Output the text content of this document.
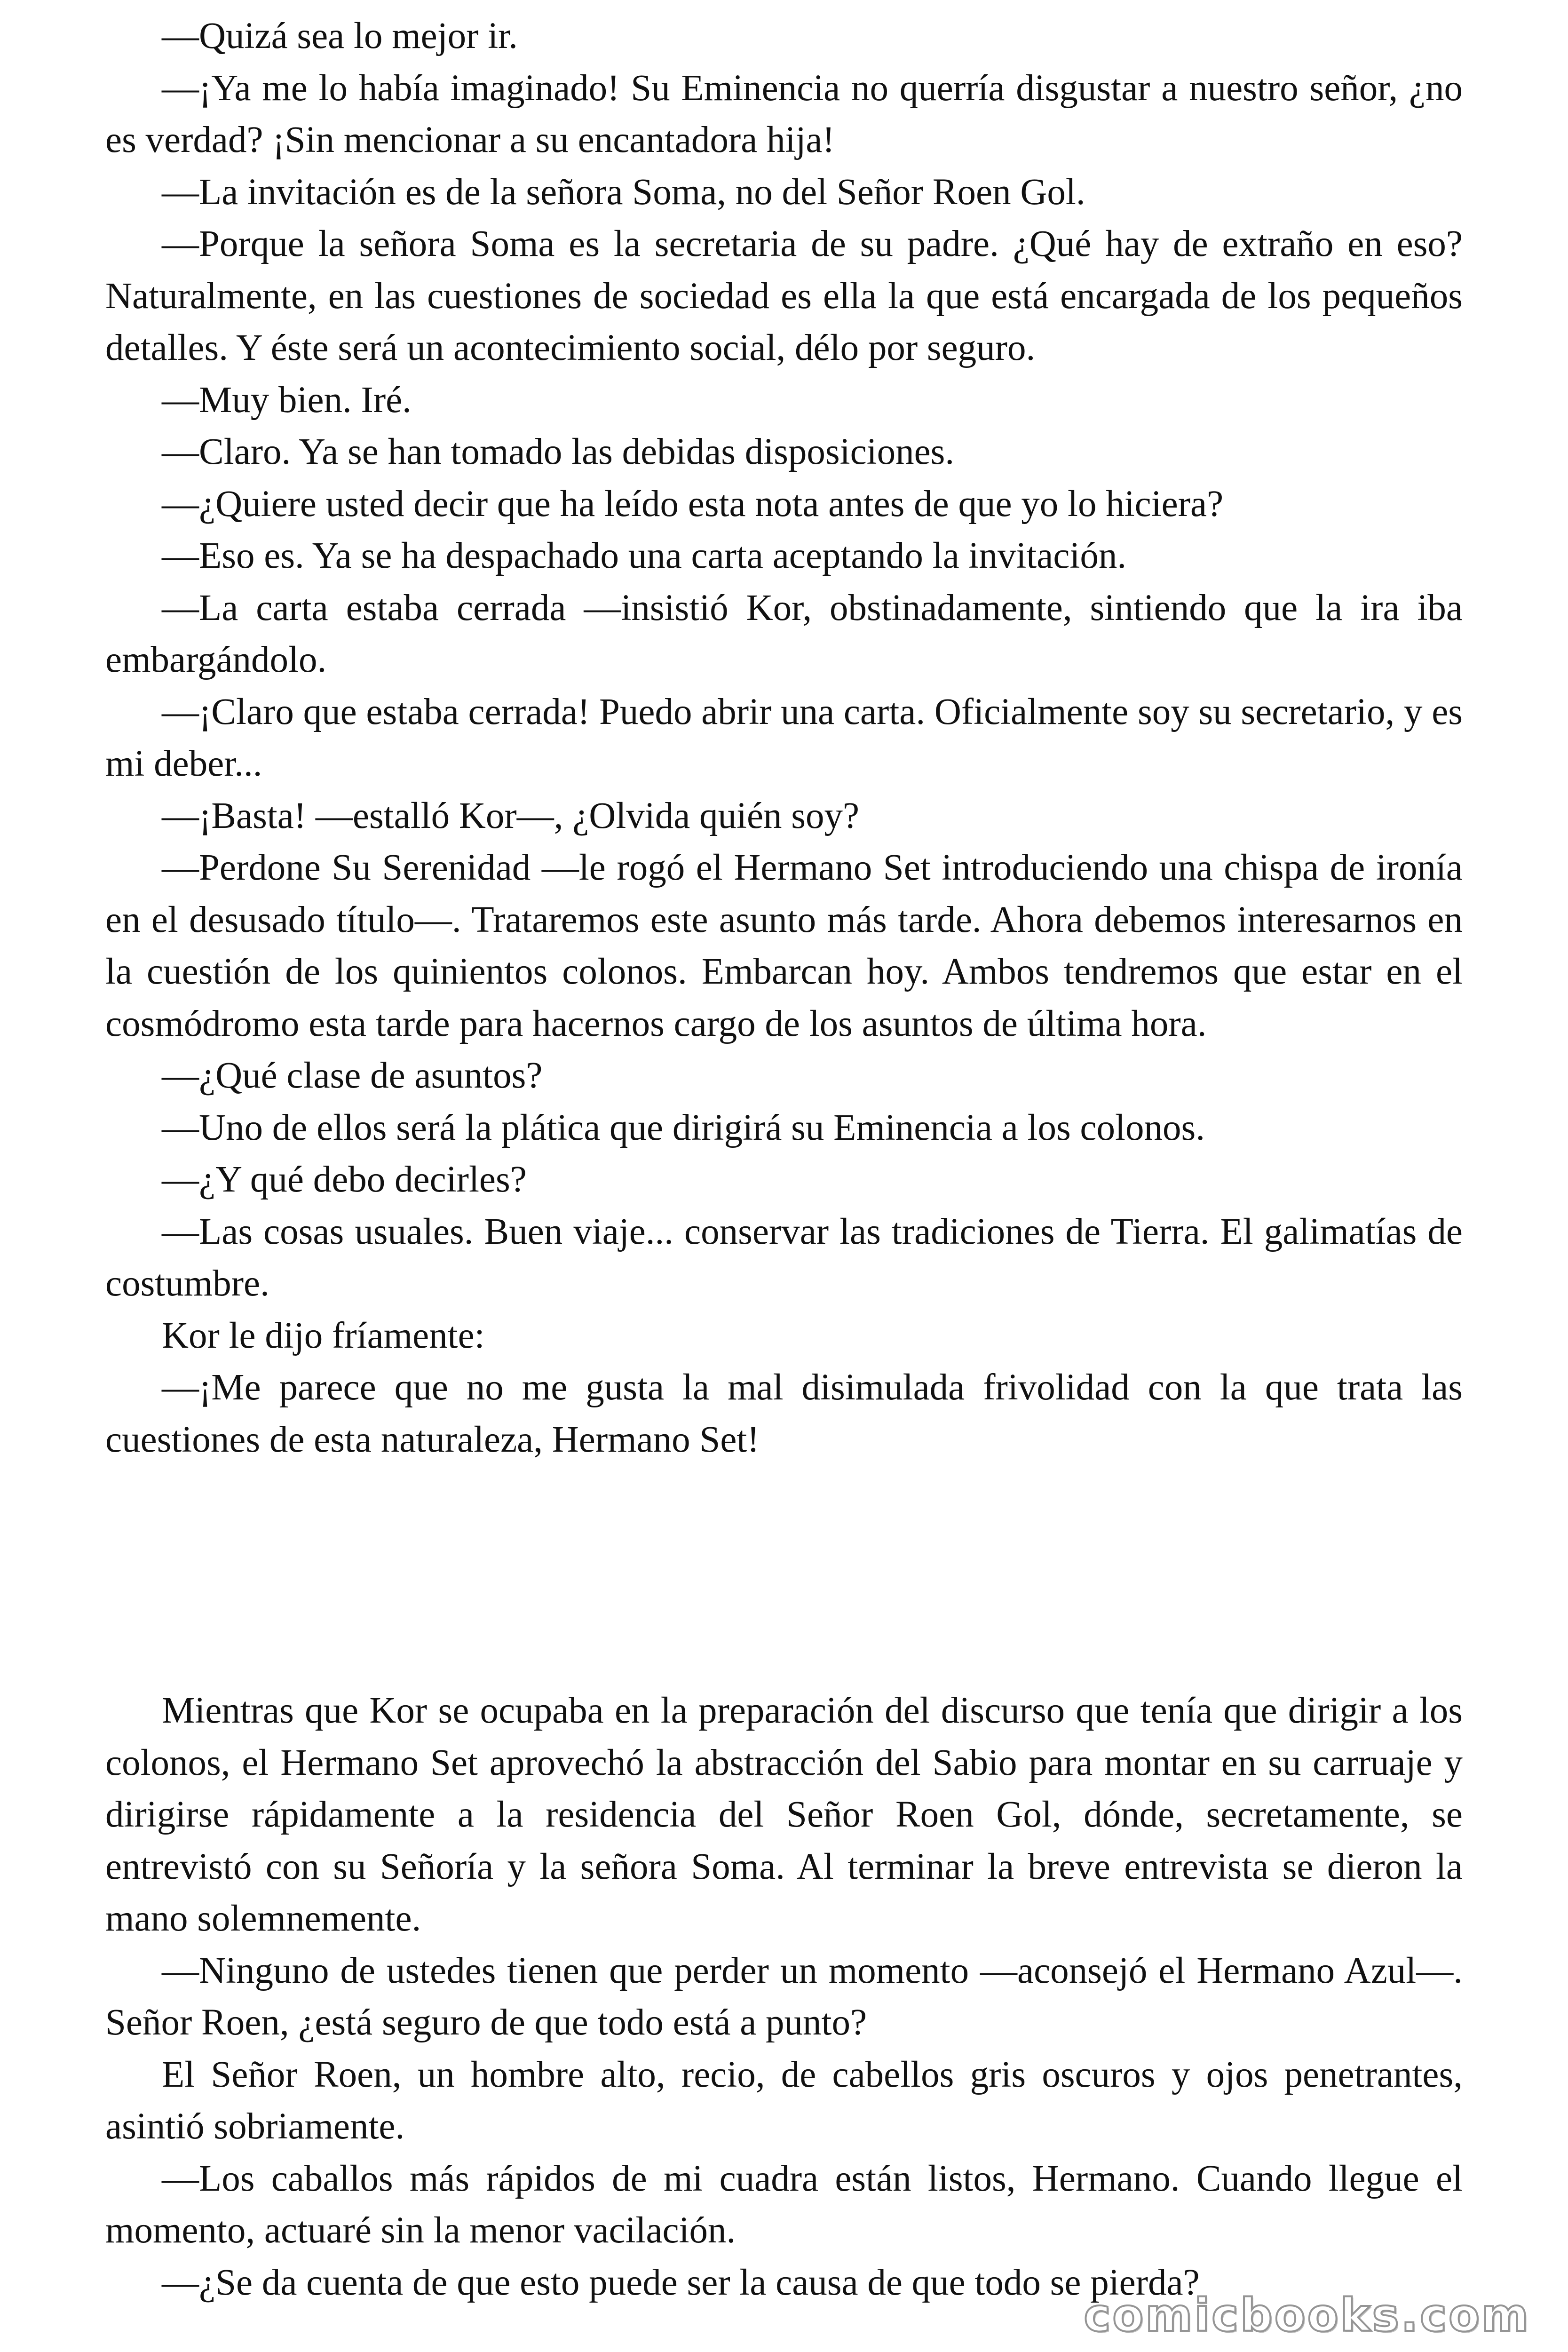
—Quizá sea lo mejor ir.

—¡Ya me lo había imaginado! Su Eminencia no querría disgustar a nuestro señor, ¿no es verdad? ¡Sin mencionar a su encantadora hija!

—La invitación es de la señora Soma, no del Señor Roen Gol.

—Porque la señora Soma es la secretaria de su padre. ¿Qué hay de extraño en eso? Naturalmente, en las cuestiones de sociedad es ella la que está encargada de los pequeños detalles. Y éste será un acontecimiento social, délo por seguro.

—Muy bien. Iré.

—Claro. Ya se han tomado las debidas disposiciones.

—¿Quiere usted decir que ha leído esta nota antes de que yo lo hiciera?

—Eso es. Ya se ha despachado una carta aceptando la invitación.

—La carta estaba cerrada —insistió Kor, obstinadamente, sintiendo que la ira iba embargándolo.

—¡Claro que estaba cerrada! Puedo abrir una carta. Oficialmente soy su secretario, y es mi deber...

—¡Basta! —estalló Kor—, ¿Olvida quién soy?

—Perdone Su Serenidad —le rogó el Hermano Set introduciendo una chispa de ironía en el desusado título—. Trataremos este asunto más tarde. Ahora debemos interesarnos en la cuestión de los quinientos colonos. Embarcan hoy. Ambos tendremos que estar en el cosmódromo esta tarde para hacernos cargo de los asuntos de última hora.

—¿Qué clase de asuntos?

—Uno de ellos será la plática que dirigirá su Eminencia a los colonos.

—¿Y qué debo decirles?

—Las cosas usuales. Buen viaje... conservar las tradiciones de Tierra. El galimatías de costumbre.

Kor le dijo fríamente:

—¡Me parece que no me gusta la mal disimulada frivolidad con la que trata las cuestiones de esta naturaleza, Hermano Set!

Mientras que Kor se ocupaba en la preparación del discurso que tenía que dirigir a los colonos, el Hermano Set aprovechó la abstracción del Sabio para montar en su carruaje y dirigirse rápidamente a la residencia del Señor Roen Gol, dónde, secretamente, se entrevistó con su Señoría y la señora Soma. Al terminar la breve entrevista se dieron la mano solemnemente.

—Ninguno de ustedes tienen que perder un momento —aconsejó el Hermano Azul—. Señor Roen, ¿está seguro de que todo está a punto?

El Señor Roen, un hombre alto, recio, de cabellos gris oscuros y ojos penetrantes, asintió sobriamente.

—Los caballos más rápidos de mi cuadra están listos, Hermano. Cuando llegue el momento, actuaré sin la menor vacilación.

—¿Se da cuenta de que esto puede ser la causa de que todo se pierda?

comicbooks.com
